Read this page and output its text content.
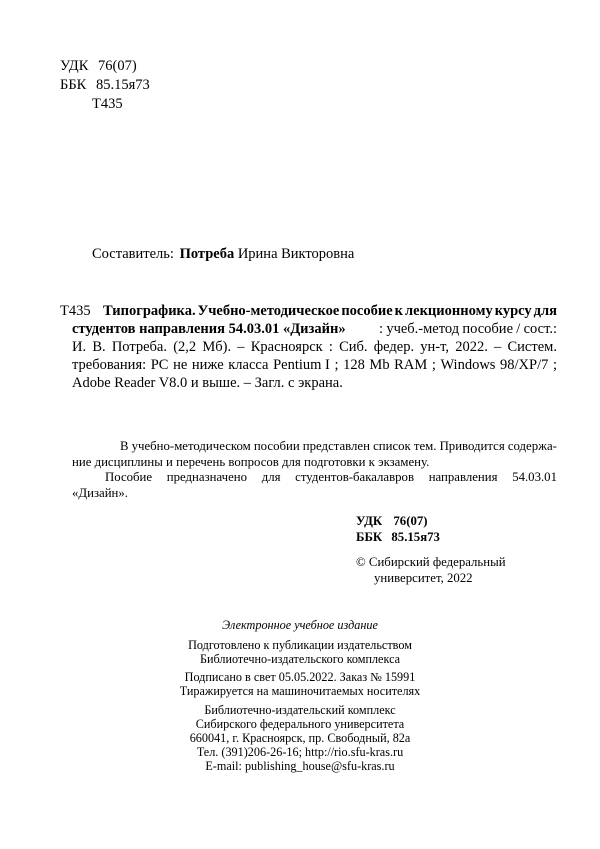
УДК 76(07)
ББК 85.15я73
Т435
Составитель: Потреба Ирина Викторовна
Т435 Типографика. Учебно-методическое пособие к лекционному курсу для
студентов направления 54.03.01 «Дизайн» : учеб.-метод пособие / сост.:
И. В. Потреба. (2,2 Мб). – Красноярск : Сиб. федер. ун-т, 2022. – Систем.
требования: PC не ниже класса Pentium I ; 128 Mb RAM ; Windows 98/XP/7 ;
Adobe Reader V8.0 и выше. – Загл. с экрана.
В учебно-методическом пособии представлен список тем. Приводится содержа-
ние дисциплины и перечень вопросов для подготовки к экзамену.
Пособие предназначено для студентов-бакалавров направления 54.03.01
«Дизайн».
УДК 76(07)
ББК 85.15я73
© Сибирский федеральный
университет, 2022
Электронное учебное издание
Подготовлено к публикации издательством
Библиотечно-издательского комплекса
Подписано в свет 05.05.2022. Заказ № 15991
Тиражируется на машиночитаемых носителях
Библиотечно-издательский комплекс
Сибирского федерального университета
660041, г. Красноярск, пр. Свободный, 82а
Тел. (391)206-26-16; http://rio.sfu-kras.ru
E-mail: publishing_house@sfu-kras.ru
